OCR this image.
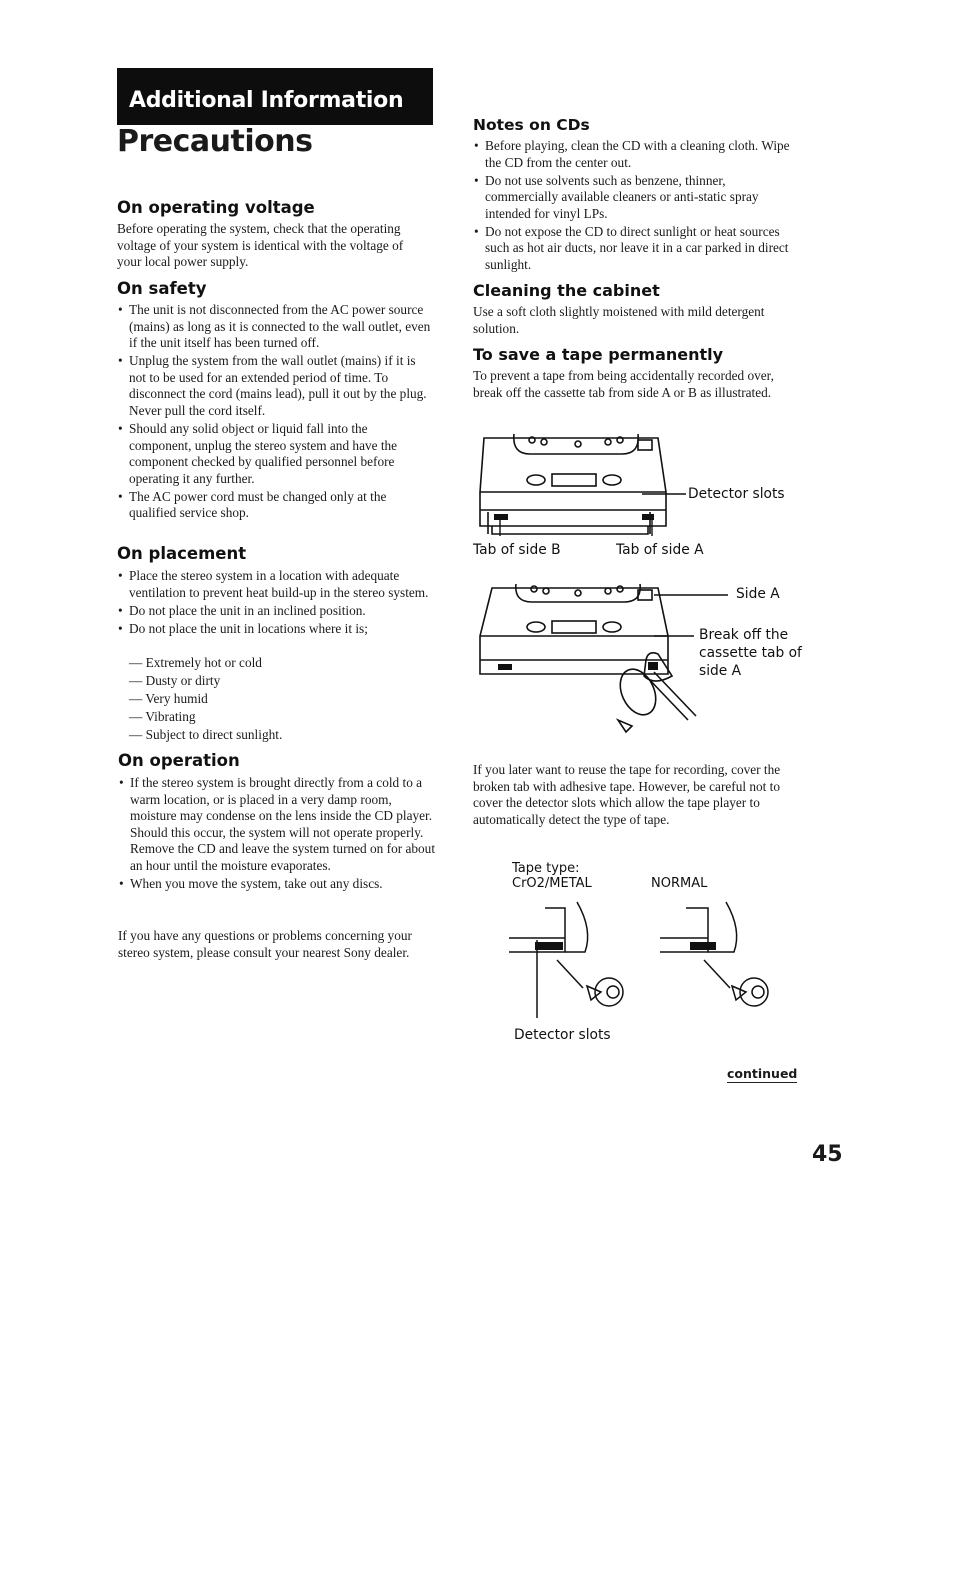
Additional Information
Precautions
On operating voltage

Before operating the system, check that the operating voltage of your system is identical with the voltage of your local power supply.

On safety
• The unit is not disconnected from the AC power source (mains) as long as it is connected to the wall outlet, even if the unit itself has been turned off.
• Unplug the system from the wall outlet (mains) if it is not to be used for an extended period of time. To disconnect the cord (mains lead), pull it out by the plug. Never pull the cord itself.
• Should any solid object or liquid fall into the component, unplug the stereo system and have the component checked by qualified personnel before operating it any further.
• The AC power cord must be changed only at the qualified service shop.
On placement
• Place the stereo system in a location with adequate ventilation to prevent heat build-up in the stereo system.
• Do not place the unit in an inclined position.
• Do not place the unit in locations where it is;
— Extremely hot or cold
— Dusty or dirty
— Very humid
— Vibrating
— Subject to direct sunlight.
On operation
• If the stereo system is brought directly from a cold to a warm location, or is placed in a very damp room, moisture may condense on the lens inside the CD player. Should this occur, the system will not operate properly. Remove the CD and leave the system turned on for about an hour until the moisture evaporates.
• When you move the system, take out any discs.

If you have any questions or problems concerning your stereo system, please consult your nearest Sony dealer.

Notes on CDs
• Before playing, clean the CD with a cleaning cloth. Wipe the CD from the center out.
• Do not use solvents such as benzene, thinner, commercially available cleaners or anti-static spray intended for vinyl LPs.
• Do not expose the CD to direct sunlight or heat sources such as hot air ducts, nor leave it in a car parked in direct sunlight.
Cleaning the cabinet

Use a soft cloth slightly moistened with mild detergent solution.

To save a tape permanently

To prevent a tape from being accidentally recorded over, break off the cassette tab from side A or B as illustrated.

Detector slots
Tab of side B	Tab of side A
Side A
Break off the
cassette tab of
side A

If you later want to reuse the tape for recording, cover the broken tab with adhesive tape. However, be careful not to cover the detector slots which allow the tape player to automatically detect the type of tape.

Tape type:
CrO2/METAL	NORMAL
Detector slots
continued
45
